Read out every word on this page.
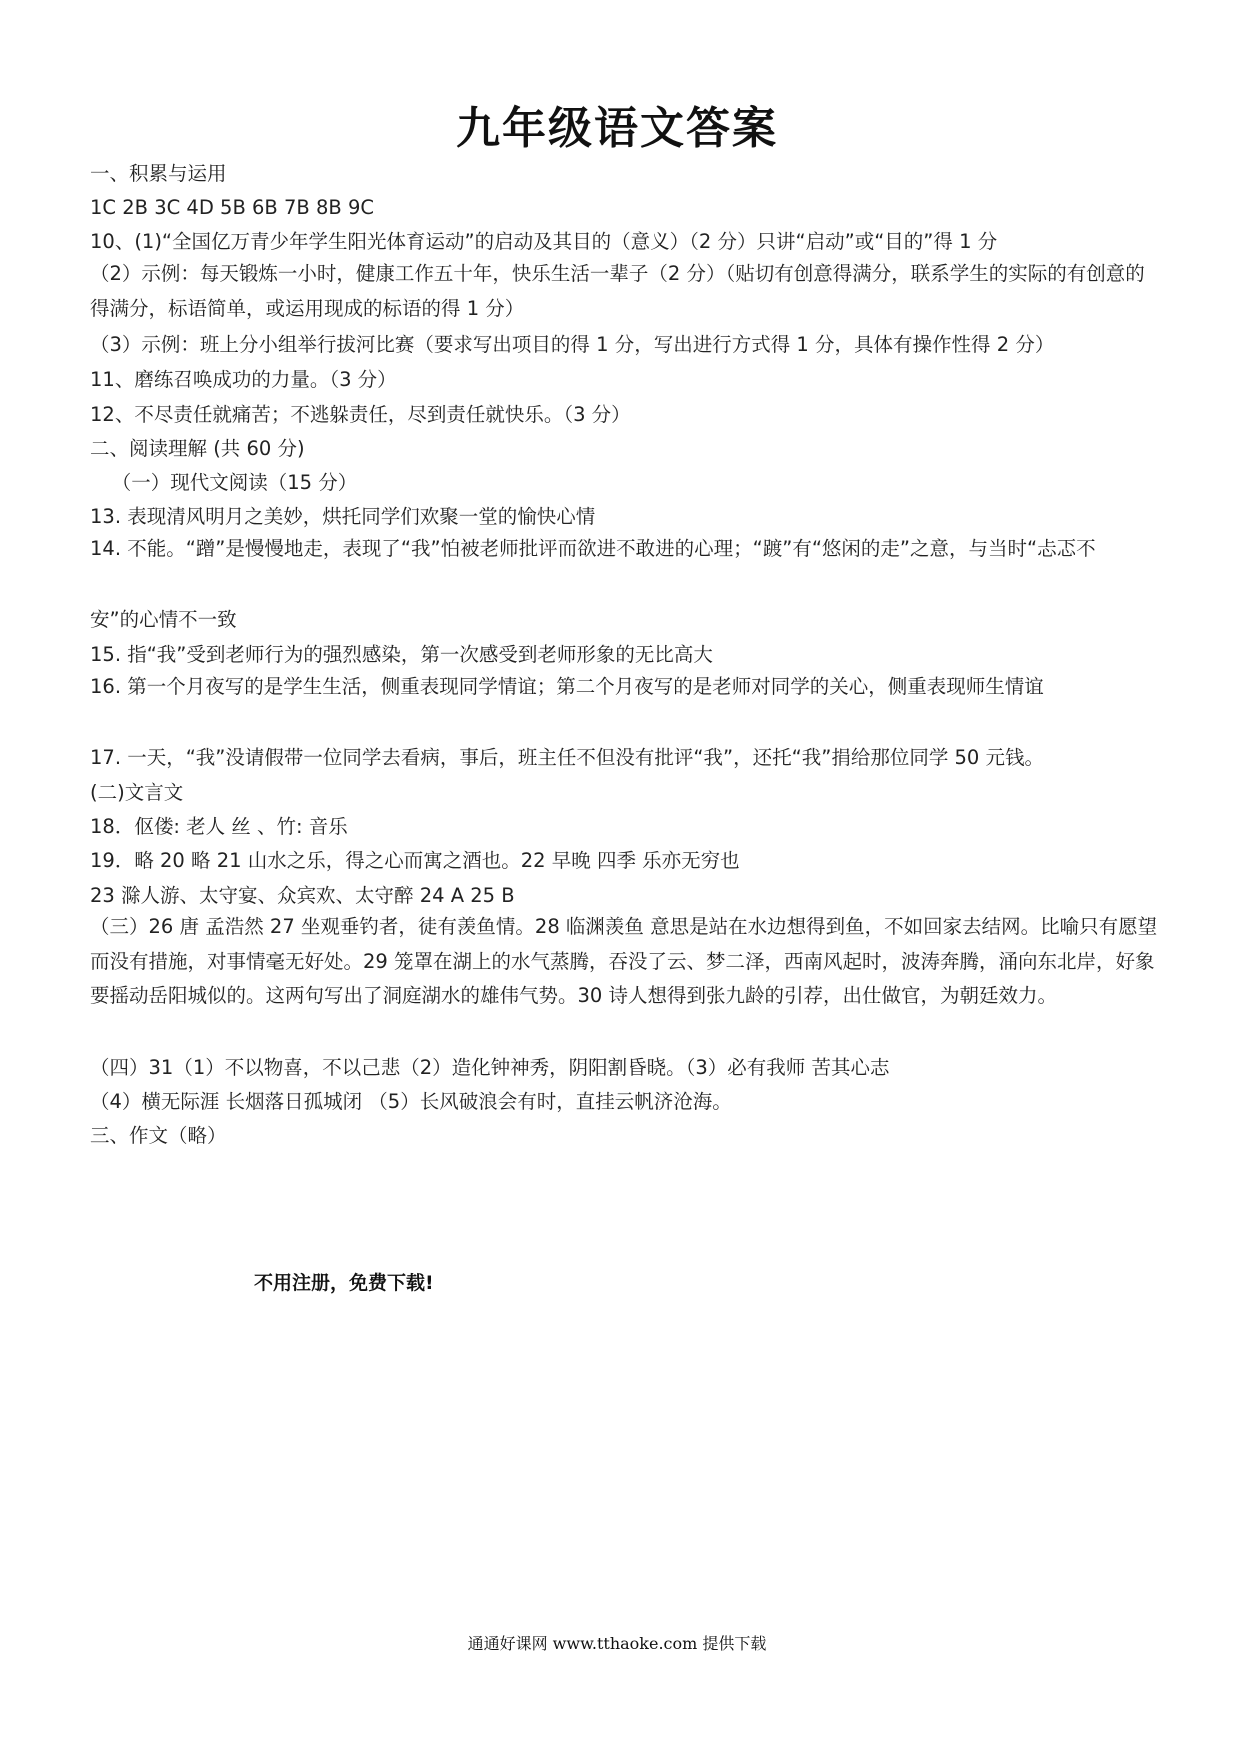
九年级语文答案
一、积累与运用
1C 2B 3C 4D 5B 6B 7B 8B 9C
10、(1)“全国亿万青少年学生阳光体育运动”的启动及其目的（意义）（2 分）只讲“启动”或“目的”得 1 分
（2）示例：每天锻炼一小时，健康工作五十年，快乐生活一辈子（2 分）（贴切有创意得满分，联系学生的实际的有创意的得满分，标语简单，或运用现成的标语的得 1 分）
（3）示例：班上分小组举行拔河比赛（要求写出项目的得 1 分，写出进行方式得 1 分，具体有操作性得 2 分）
11、磨练召唤成功的力量。（3 分）
12、不尽责任就痛苦；不逃躲责任，尽到责任就快乐。（3 分）
二、阅读理解 (共 60 分)
　（一）现代文阅读（15 分）
13. 表现清风明月之美妙，烘托同学们欢聚一堂的愉快心情
14. 不能。“蹭”是慢慢地走，表现了“我”怕被老师批评而欲进不敢进的心理；“踱”有“悠闲的走”之意，与当时“忐忑不
安”的心情不一致
15. 指“我”受到老师行为的强烈感染，第一次感受到老师形象的无比高大
16. 第一个月夜写的是学生生活，侧重表现同学情谊；第二个月夜写的是老师对同学的关心，侧重表现师生情谊
17. 一天，“我”没请假带一位同学去看病，事后，班主任不但没有批评“我”，还托“我”捐给那位同学 50 元钱。
(二)文言文
18．伛偻: 老人 丝 、竹: 音乐
19．略 20 略 21 山水之乐，得之心而寓之酒也。22 早晚 四季 乐亦无穷也
23 滁人游、太守宴、众宾欢、太守醉 24 A 25 B
（三）26 唐 孟浩然 27 坐观垂钓者，徒有羡鱼情。28 临渊羡鱼 意思是站在水边想得到鱼，不如回家去结网。比喻只有愿望而没有措施，对事情毫无好处。29 笼罩在湖上的水气蒸腾，吞没了云、梦二泽，西南风起时，波涛奔腾，涌向东北岸，好象要摇动岳阳城似的。这两句写出了洞庭湖水的雄伟气势。30 诗人想得到张九龄的引荐，出仕做官，为朝廷效力。
（四）31（1）不以物喜，不以己悲（2）造化钟神秀，阴阳割昏晓。（3）必有我师 苦其心志
（4）横无际涯 长烟落日孤城闭 （5）长风破浪会有时，直挂云帆济沧海。
三、作文（略）
不用注册，免费下载!
通通好课网 www.tthaoke.com 提供下载
